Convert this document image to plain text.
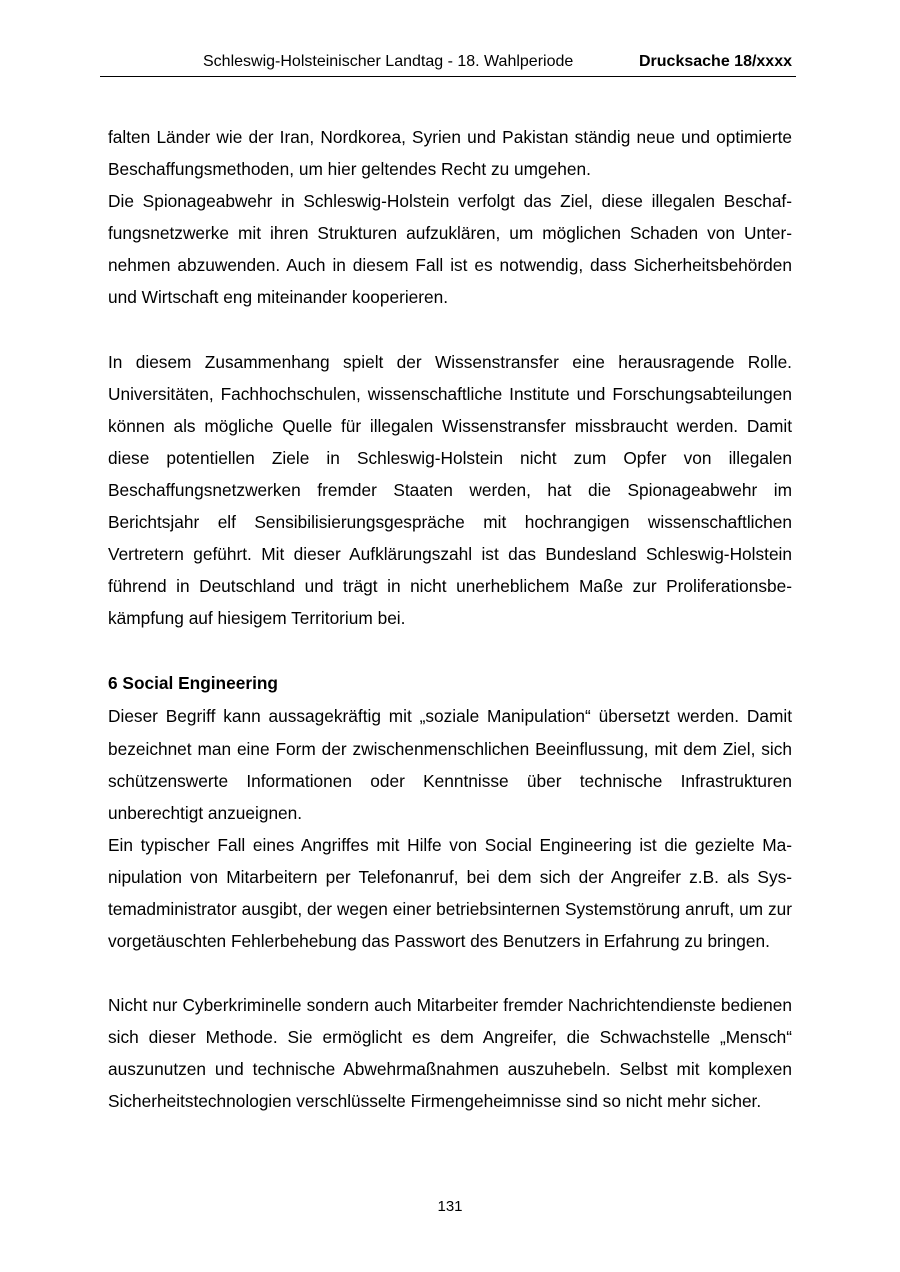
Schleswig-Holsteinischer Landtag - 18. Wahlperiode	Drucksache 18/xxxx

falten Länder wie der Iran, Nordkorea, Syrien und Pakistan ständig neue und optimierte Beschaffungsmethoden, um hier geltendes Recht zu umgehen.

Die Spionageabwehr in Schleswig-Holstein verfolgt das Ziel, diese illegalen Beschaffungsnetzwerke mit ihren Strukturen aufzuklären, um möglichen Schaden von Unternehmen abzuwenden. Auch in diesem Fall ist es notwendig, dass Sicherheitsbehörden und Wirtschaft eng miteinander kooperieren.

In diesem Zusammenhang spielt der Wissenstransfer eine herausragende Rolle. Universitäten, Fachhochschulen, wissenschaftliche Institute und Forschungsabteilungen können als mögliche Quelle für illegalen Wissenstransfer missbraucht werden. Damit diese potentiellen Ziele in Schleswig-Holstein nicht zum Opfer von illegalen Beschaffungsnetzwerken fremder Staaten werden, hat die Spionageabwehr im Berichtsjahr elf Sensibilisierungsgespräche mit hochrangigen wissenschaftlichen Vertretern geführt. Mit dieser Aufklärungszahl ist das Bundesland Schleswig-Holstein führend in Deutschland und trägt in nicht unerheblichem Maße zur Proliferationsbekämpfung auf hiesigem Territorium bei.

6 Social Engineering

Dieser Begriff kann aussagekräftig mit „soziale Manipulation“ übersetzt werden. Damit bezeichnet man eine Form der zwischenmenschlichen Beeinflussung, mit dem Ziel, sich schützenswerte Informationen oder Kenntnisse über technische Infrastrukturen unberechtigt anzueignen.

Ein typischer Fall eines Angriffes mit Hilfe von Social Engineering ist die gezielte Manipulation von Mitarbeitern per Telefonanruf, bei dem sich der Angreifer z.B. als Systemadministrator ausgibt, der wegen einer betriebsinternen Systemstörung anruft, um zur vorgetäuschten Fehlerbehebung das Passwort des Benutzers in Erfahrung zu bringen.

Nicht nur Cyberkriminelle sondern auch Mitarbeiter fremder Nachrichtendienste bedienen sich dieser Methode. Sie ermöglicht es dem Angreifer, die Schwachstelle „Mensch“ auszunutzen und technische Abwehrmaßnahmen auszuhebeln. Selbst mit komplexen Sicherheitstechnologien verschlüsselte Firmengeheimnisse sind so nicht mehr sicher.

131
